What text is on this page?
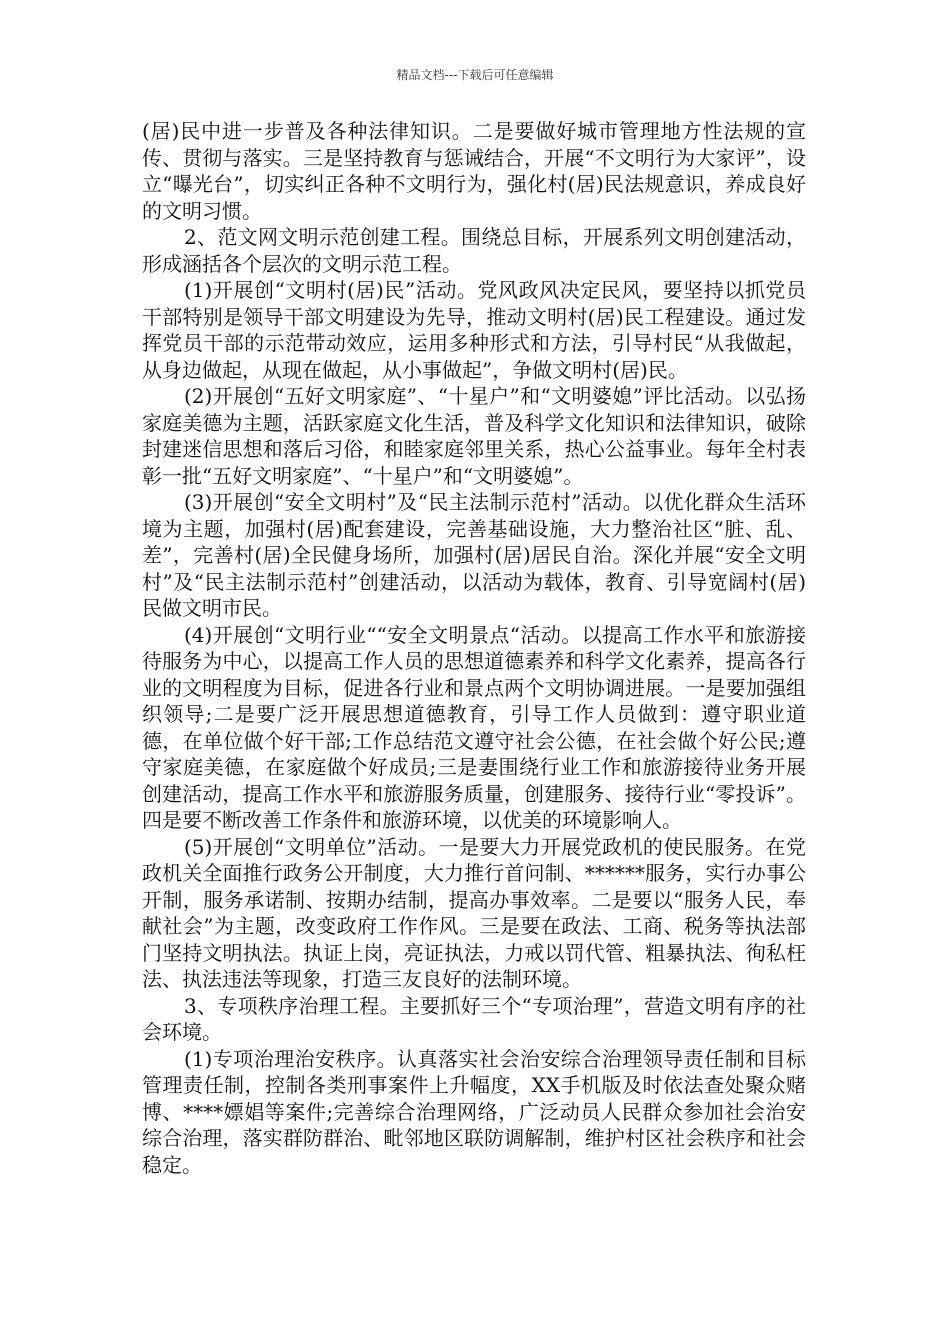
精品文档---下载后可任意编辑

(居)民中进一步普及各种法律知识。二是要做好城市管理地方性法规的宣传、贯彻与落实。三是坚持教育与惩诫结合，开展“不文明行为大家评”，设立“曝光台”，切实纠正各种不文明行为，强化村(居)民法规意识，养成良好的文明习惯。

2、范文网文明示范创建工程。围绕总目标，开展系列文明创建活动，形成涵括各个层次的文明示范工程。

(1)开展创“文明村(居)民”活动。党风政风决定民风，要坚持以抓党员干部特别是领导干部文明建设为先导，推动文明村(居)民工程建设。通过发挥党员干部的示范带动效应，运用多种形式和方法，引导村民“从我做起，从身边做起，从现在做起，从小事做起”，争做文明村(居)民。

(2)开展创“五好文明家庭”、“十星户”和“文明婆媳”评比活动。以弘扬家庭美德为主题，活跃家庭文化生活，普及科学文化知识和法律知识，破除封建迷信思想和落后习俗，和睦家庭邻里关系，热心公益事业。每年全村表彰一批“五好文明家庭”、“十星户”和“文明婆媳”。

(3)开展创“安全文明村”及“民主法制示范村”活动。以优化群众生活环境为主题，加强村(居)配套建设，完善基础设施，大力整治社区“脏、乱、差”，完善村(居)全民健身场所，加强村(居)居民自治。深化并展“安全文明村”及“民主法制示范村”创建活动，以活动为载体，教育、引导宽阔村(居)民做文明市民。

(4)开展创“文明行业““安全文明景点“活动。以提高工作水平和旅游接待服务为中心，以提高工作人员的思想道德素养和科学文化素养，提高各行业的文明程度为目标，促进各行业和景点两个文明协调进展。一是要加强组织领导;二是要广泛开展思想道德教育，引导工作人员做到：遵守职业道德，在单位做个好干部;工作总结范文遵守社会公德，在社会做个好公民;遵守家庭美德，在家庭做个好成员;三是妻围绕行业工作和旅游接待业务开展创建活动，提高工作水平和旅游服务质量，创建服务、接待行业“零投诉”。四是要不断改善工作条件和旅游环境，以优美的环境影响人。

(5)开展创“文明单位”活动。一是要大力开展党政机的使民服务。在党政机关全面推行政务公开制度，大力推行首问制、******服务，实行办事公开制，服务承诺制、按期办结制，提高办事效率。二是要以“服务人民，奉献社会”为主题，改变政府工作作风。三是要在政法、工商、税务等执法部门坚持文明执法。执证上岗，亮证执法，力戒以罚代管、粗暴执法、徇私枉法、执法违法等现象，打造三友良好的法制环境。

3、专项秩序治理工程。主要抓好三个“专项治理”，营造文明有序的社会环境。

(1)专项治理治安秩序。认真落实社会治安综合治理领导责任制和目标管理责任制，控制各类刑事案件上升幅度，XX手机版及时依法查处聚众赌博、****嫖娼等案件;完善综合治理网络，广泛动员人民群众参加社会治安综合治理，落实群防群治、毗邻地区联防调解制，维护村区社会秩序和社会稳定。
